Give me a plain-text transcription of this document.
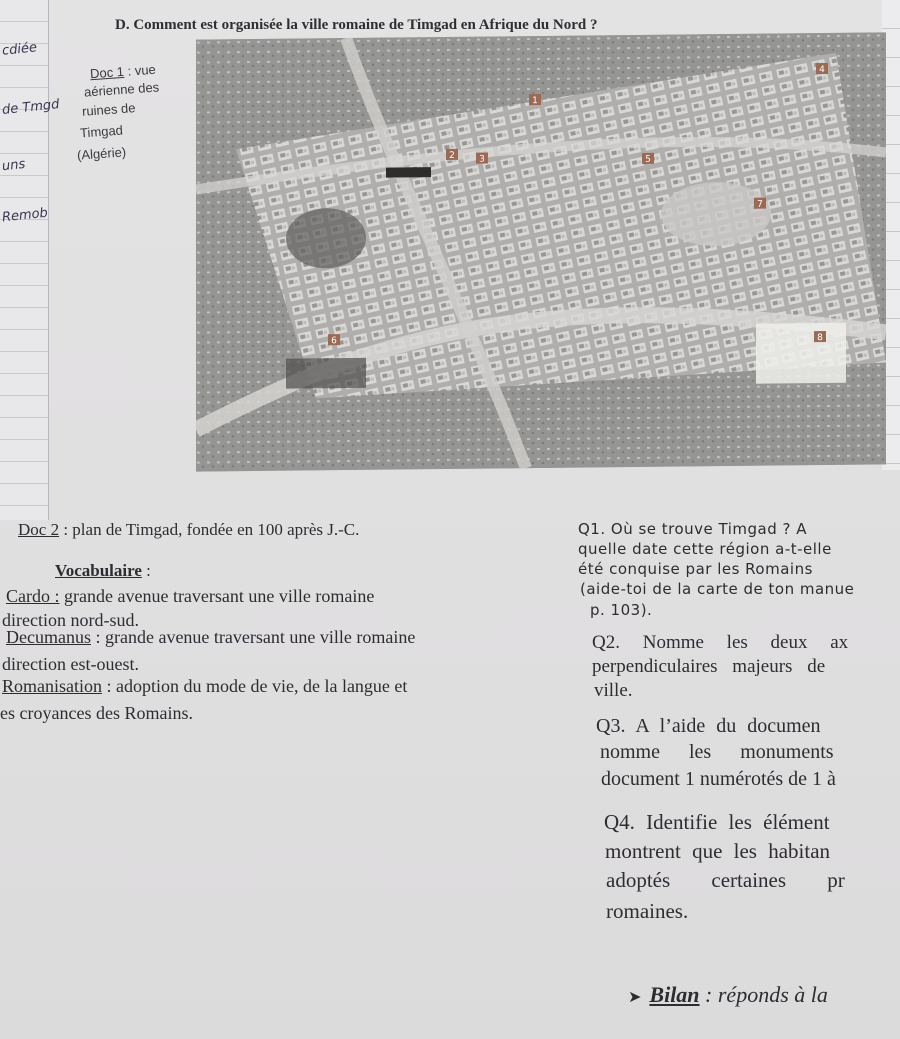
cdiée
de Tmgd
uns
Remob
D. Comment est organisée la ville romaine de Timgad en Afrique du Nord ?
Doc 1 : vue
aérienne des
ruines de
Timgad
(Algérie)
1
2	3
4
5
6
7
8
Doc 2 : plan de Timgad, fondée en 100 après J.-C.
Vocabulaire :
Cardo : grande avenue traversant une ville romaine
direction nord-sud.
Decumanus : grande avenue traversant une ville romaine
direction est-ouest.
Romanisation : adoption du mode de vie, de la langue et
es croyances des Romains.
Q1. Où se trouve Timgad ? A
quelle date cette région a-t-elle
été conquise par les Romains
(aide-toi de la carte de ton manue
p. 103).
Q2. Nomme les deux ax
perpendiculaires majeurs de
ville.
Q3. A l’aide du documen
nomme les monuments
document 1 numérotés de 1 à
Q4. Identifie les élément
montrent que les habitan
adoptés certaines pr
romaines.
➤ Bilan : réponds à la
